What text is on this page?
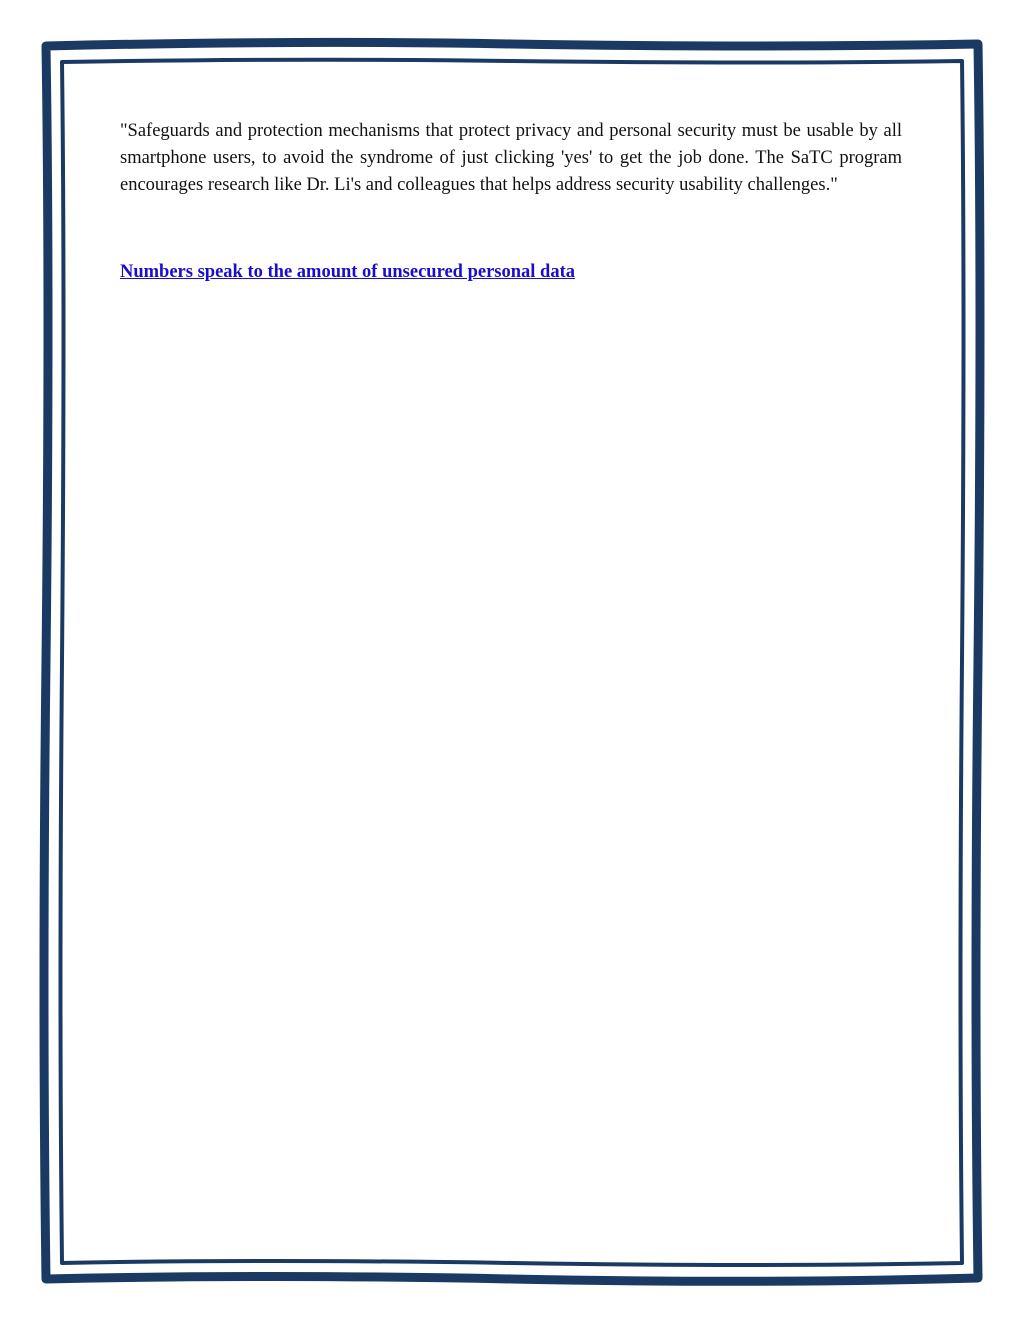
"Safeguards and protection mechanisms that protect privacy and personal security must be usable by all smartphone users, to avoid the syndrome of just clicking 'yes' to get the job done. The SaTC program encourages research like Dr. Li's and colleagues that helps address security usability challenges."

Numbers speak to the amount of unsecured personal data
